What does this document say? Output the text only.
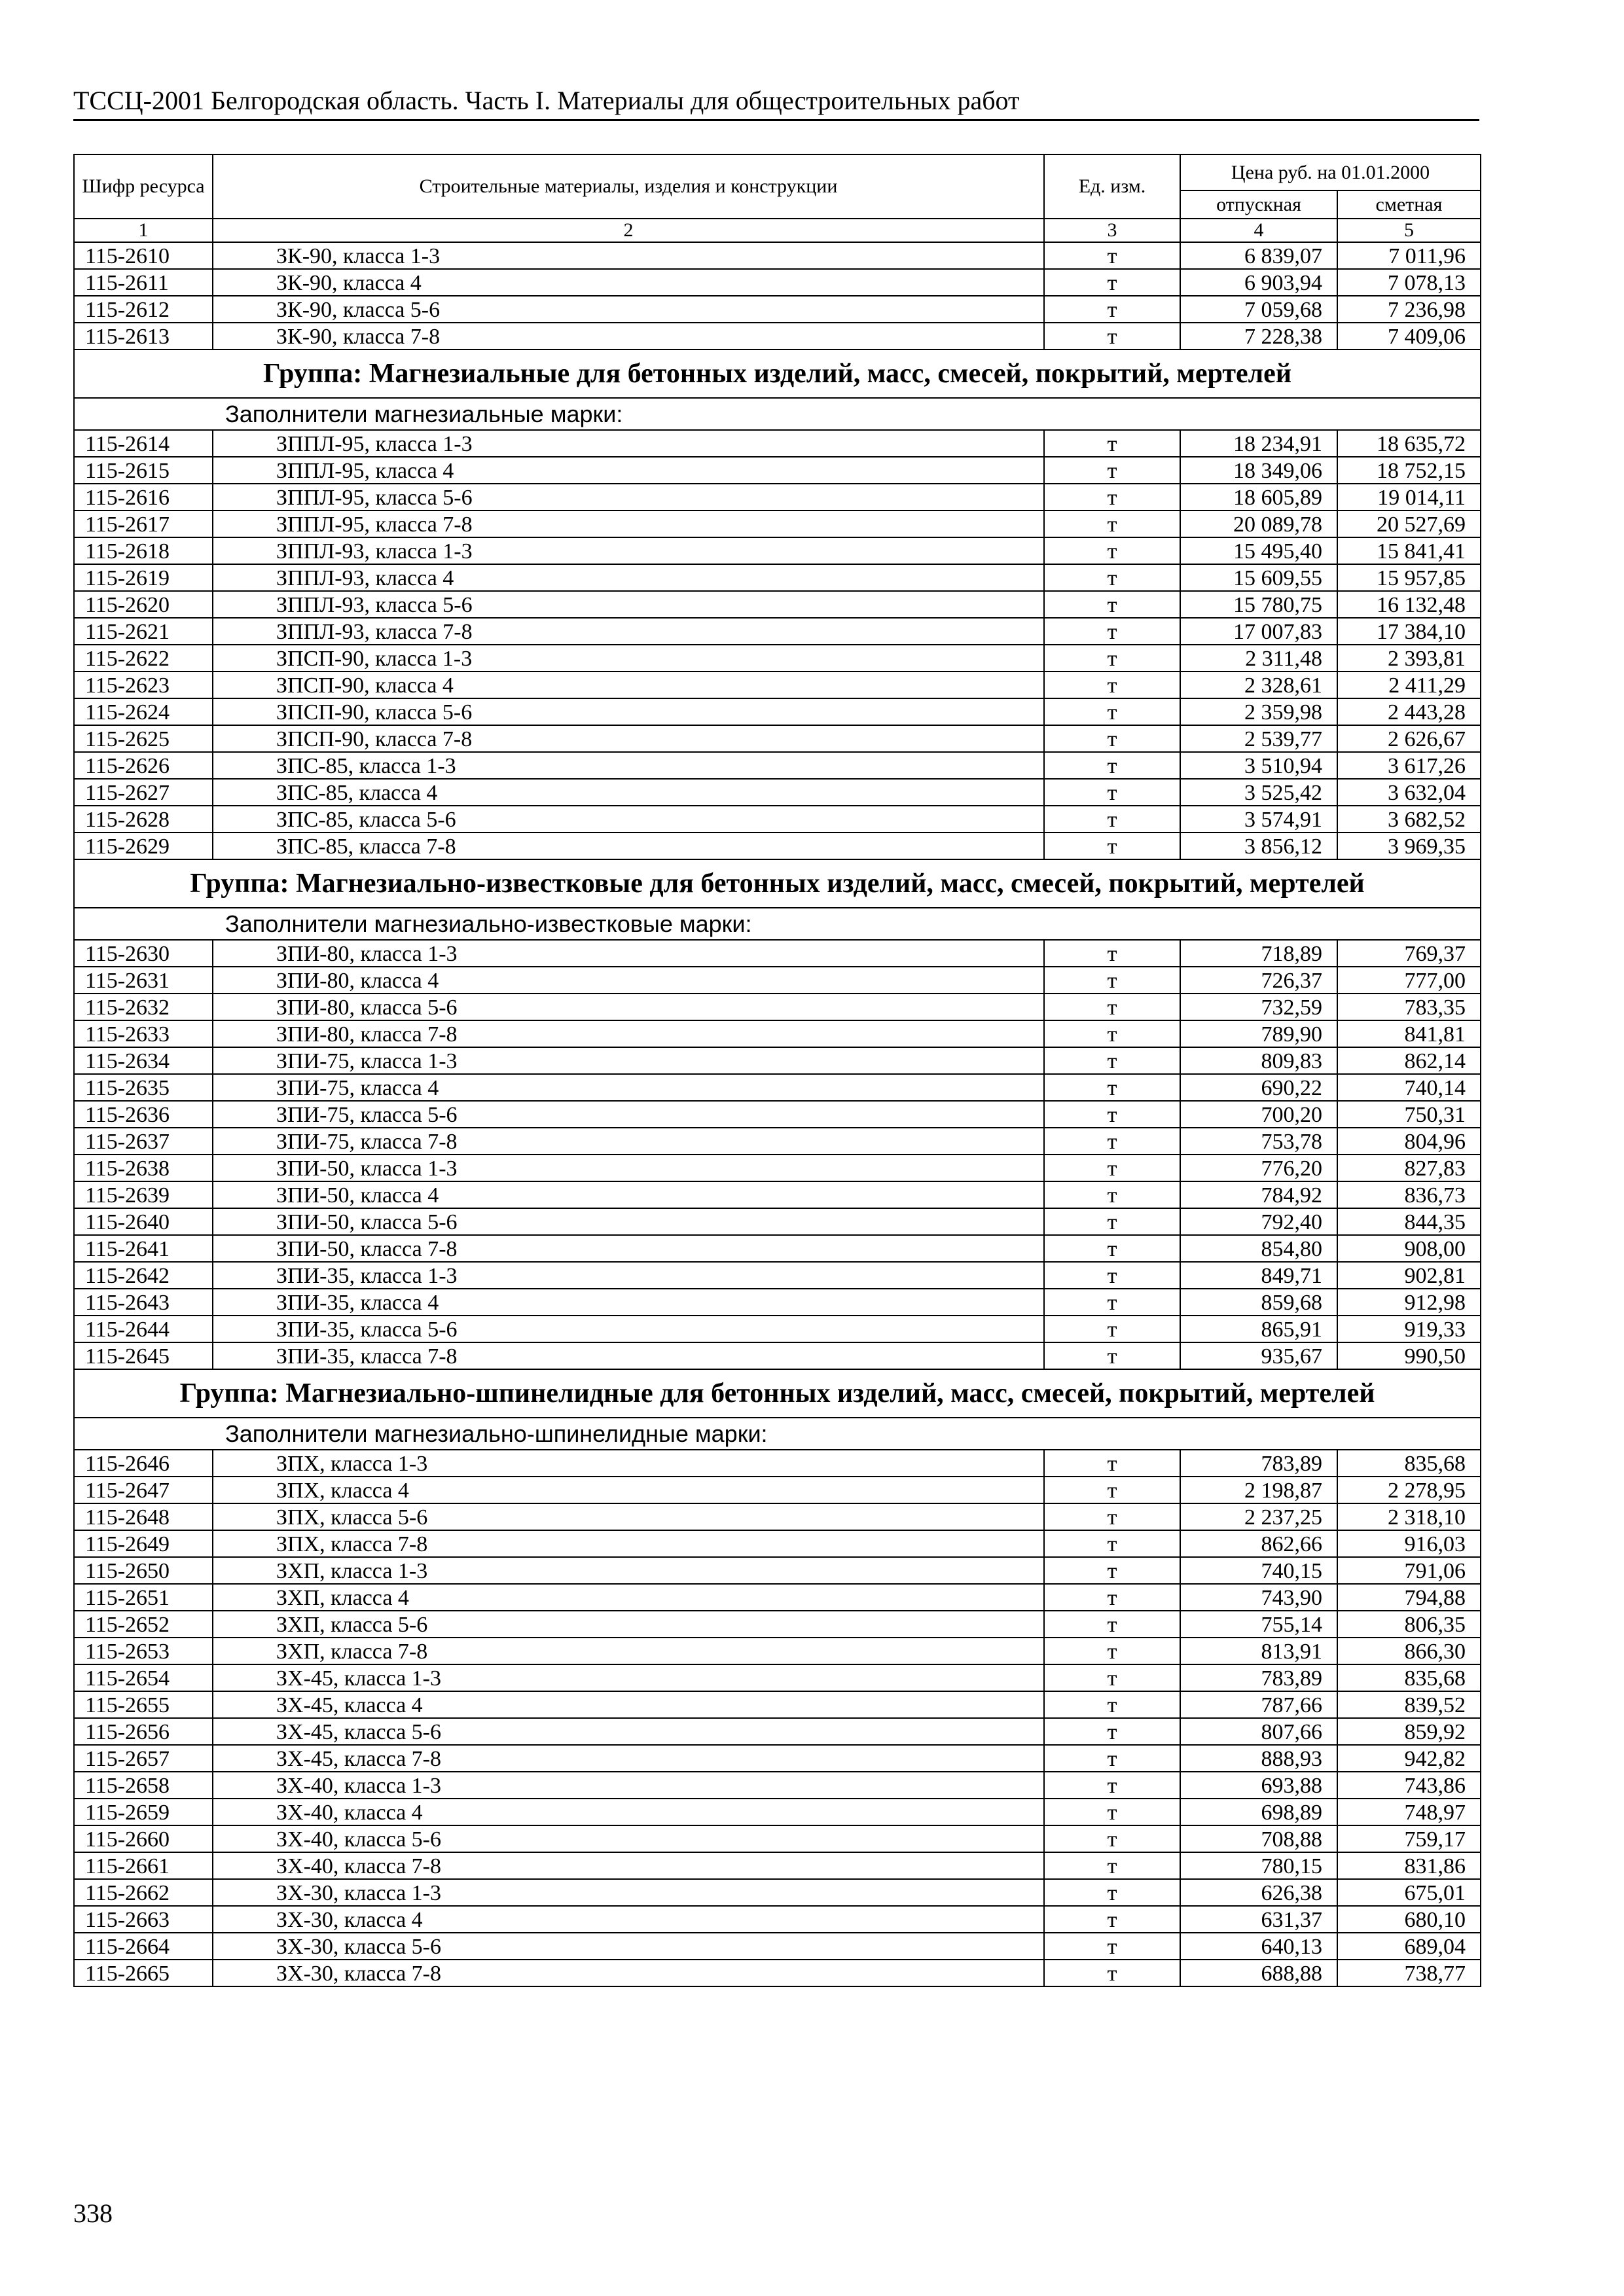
ТССЦ-2001 Белгородская область. Часть I. Материалы для общестроительных работ
Шифр ресурса	Строительные материалы, изделия и конструкции	Ед. изм.	Цена руб. на 01.01.2000	
			отпускная	сметная
1	2	3	4	5
115-2610	ЗК-90, класса 1-3	т	6 839,07	7 011,96
115-2611	ЗК-90, класса 4	т	6 903,94	7 078,13
115-2612	ЗК-90, класса 5-6	т	7 059,68	7 236,98
115-2613	ЗК-90, класса 7-8	т	7 228,38	7 409,06
Группа: Магнезиальные для бетонных изделий, масс, смесей, покрытий, мертелей				
Заполнители магнезиальные марки:				
115-2614	ЗППЛ-95, класса 1-3	т	18 234,91	18 635,72
115-2615	ЗППЛ-95, класса 4	т	18 349,06	18 752,15
115-2616	ЗППЛ-95, класса 5-6	т	18 605,89	19 014,11
115-2617	ЗППЛ-95, класса 7-8	т	20 089,78	20 527,69
115-2618	ЗППЛ-93, класса 1-3	т	15 495,40	15 841,41
115-2619	ЗППЛ-93, класса 4	т	15 609,55	15 957,85
115-2620	ЗППЛ-93, класса 5-6	т	15 780,75	16 132,48
115-2621	ЗППЛ-93, класса 7-8	т	17 007,83	17 384,10
115-2622	ЗПСП-90, класса 1-3	т	2 311,48	2 393,81
115-2623	ЗПСП-90, класса 4	т	2 328,61	2 411,29
115-2624	ЗПСП-90, класса 5-6	т	2 359,98	2 443,28
115-2625	ЗПСП-90, класса 7-8	т	2 539,77	2 626,67
115-2626	ЗПС-85, класса 1-3	т	3 510,94	3 617,26
115-2627	ЗПС-85, класса 4	т	3 525,42	3 632,04
115-2628	ЗПС-85, класса 5-6	т	3 574,91	3 682,52
115-2629	ЗПС-85, класса 7-8	т	3 856,12	3 969,35
Группа: Магнезиально-известковые для бетонных изделий, масс, смесей, покрытий, мертелей				
Заполнители магнезиально-известковые марки:				
115-2630	ЗПИ-80, класса 1-3	т	718,89	769,37
115-2631	ЗПИ-80, класса 4	т	726,37	777,00
115-2632	ЗПИ-80, класса 5-6	т	732,59	783,35
115-2633	ЗПИ-80, класса 7-8	т	789,90	841,81
115-2634	ЗПИ-75, класса 1-3	т	809,83	862,14
115-2635	ЗПИ-75, класса 4	т	690,22	740,14
115-2636	ЗПИ-75, класса 5-6	т	700,20	750,31
115-2637	ЗПИ-75, класса 7-8	т	753,78	804,96
115-2638	ЗПИ-50, класса 1-3	т	776,20	827,83
115-2639	ЗПИ-50, класса 4	т	784,92	836,73
115-2640	ЗПИ-50, класса 5-6	т	792,40	844,35
115-2641	ЗПИ-50, класса 7-8	т	854,80	908,00
115-2642	ЗПИ-35, класса 1-3	т	849,71	902,81
115-2643	ЗПИ-35, класса 4	т	859,68	912,98
115-2644	ЗПИ-35, класса 5-6	т	865,91	919,33
115-2645	ЗПИ-35, класса 7-8	т	935,67	990,50
Группа: Магнезиально-шпинелидные для бетонных изделий, масс, смесей, покрытий, мертелей				
Заполнители магнезиально-шпинелидные марки:				
115-2646	ЗПХ, класса 1-3	т	783,89	835,68
115-2647	ЗПХ, класса 4	т	2 198,87	2 278,95
115-2648	ЗПХ, класса 5-6	т	2 237,25	2 318,10
115-2649	ЗПХ, класса 7-8	т	862,66	916,03
115-2650	ЗХП, класса 1-3	т	740,15	791,06
115-2651	ЗХП, класса 4	т	743,90	794,88
115-2652	ЗХП, класса 5-6	т	755,14	806,35
115-2653	ЗХП, класса 7-8	т	813,91	866,30
115-2654	ЗХ-45, класса 1-3	т	783,89	835,68
115-2655	ЗХ-45, класса 4	т	787,66	839,52
115-2656	ЗХ-45, класса 5-6	т	807,66	859,92
115-2657	ЗХ-45, класса 7-8	т	888,93	942,82
115-2658	ЗХ-40, класса 1-3	т	693,88	743,86
115-2659	ЗХ-40, класса 4	т	698,89	748,97
115-2660	ЗХ-40, класса 5-6	т	708,88	759,17
115-2661	ЗХ-40, класса 7-8	т	780,15	831,86
115-2662	ЗХ-30, класса 1-3	т	626,38	675,01
115-2663	ЗХ-30, класса 4	т	631,37	680,10
115-2664	ЗХ-30, класса 5-6	т	640,13	689,04
115-2665	ЗХ-30, класса 7-8	т	688,88	738,77
338
